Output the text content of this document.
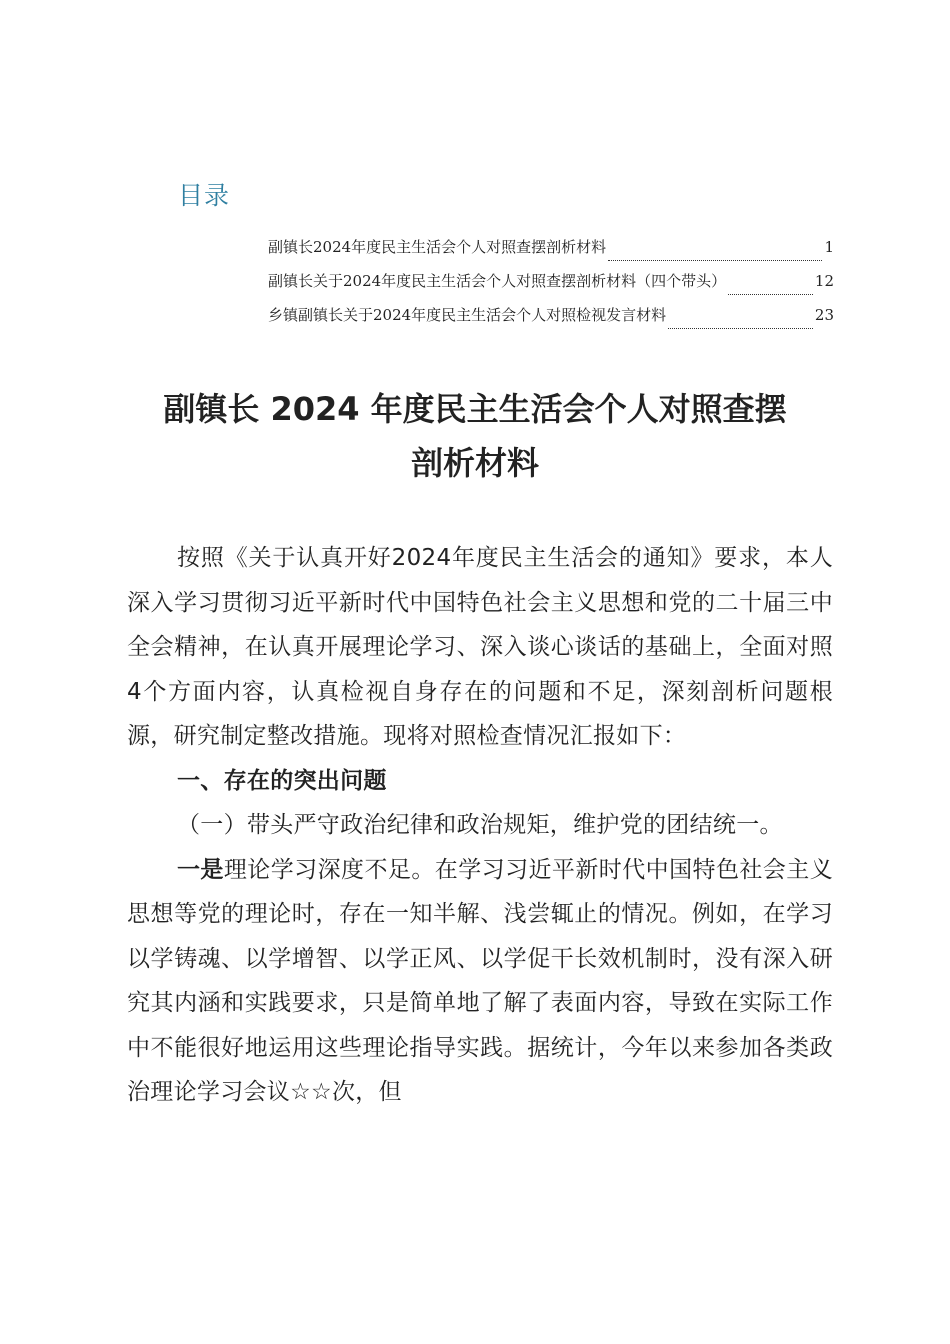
目录
副镇长2024年度民主生活会个人对照查摆剖析材料	1
副镇长关于2024年度民主生活会个人对照查摆剖析材料（四个带头）	12
乡镇副镇长关于2024年度民主生活会个人对照检视发言材料	23
副镇长 2024 年度民主生活会个人对照查摆
剖析材料

按照《关于认真开好2024年度民主生活会的通知》要求，本人深入学习贯彻习近平新时代中国特色社会主义思想和党的二十届三中全会精神，在认真开展理论学习、深入谈心谈话的基础上，全面对照4个方面内容，认真检视自身存在的问题和不足，深刻剖析问题根源，研究制定整改措施。现将对照检查情况汇报如下：

一、存在的突出问题

（一）带头严守政治纪律和政治规矩，维护党的团结统一。

一是理论学习深度不足。在学习习近平新时代中国特色社会主义思想等党的理论时，存在一知半解、浅尝辄止的情况。例如，在学习以学铸魂、以学增智、以学正风、以学促干长效机制时，没有深入研究其内涵和实践要求，只是简单地了解了表面内容，导致在实际工作中不能很好地运用这些理论指导实践。据统计，今年以来参加各类政治理论学习会议☆☆次，但
